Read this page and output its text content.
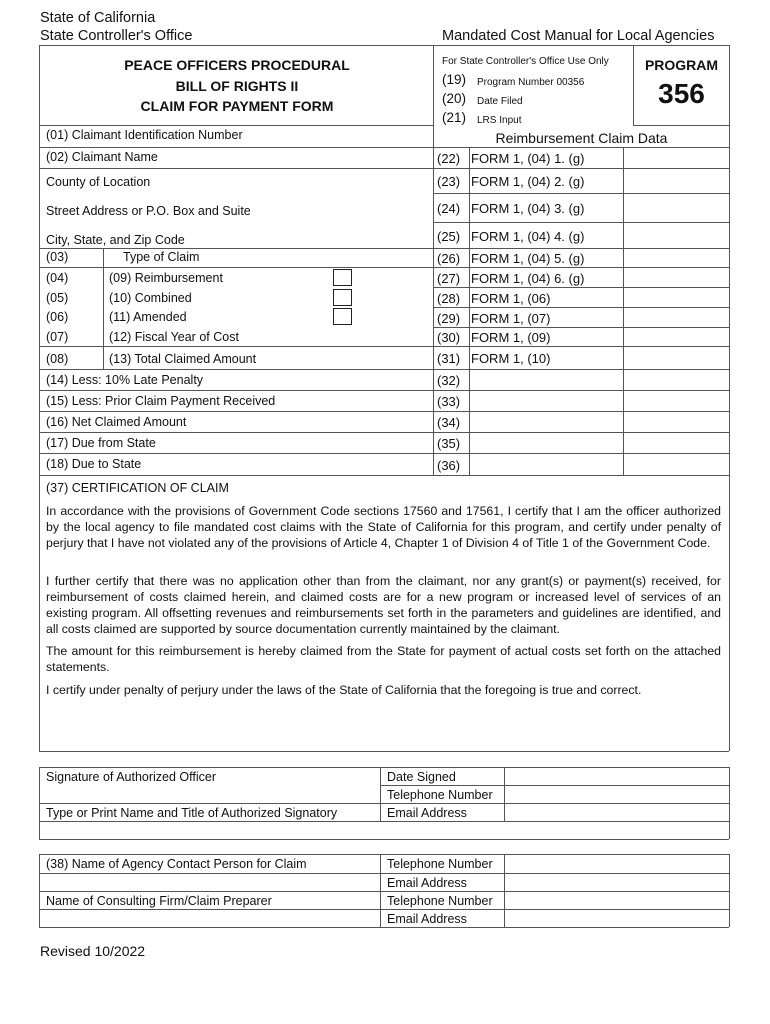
State of California
State Controller's Office	Mandated Cost Manual for Local Agencies
PEACE OFFICERS PROCEDURAL
BILL OF RIGHTS II
CLAIM FOR PAYMENT FORM
For State Controller's Office Use Only
(19) Program Number 00356
(20) Date Filed
(21) LRS Input
PROGRAM
356
Reimbursement Claim Data
(01) Claimant Identification Number
(02) Claimant Name
County of Location
Street Address or P.O. Box and Suite
City, State, and Zip Code
(03)	Type of Claim
(04)	(09) Reimbursement
(05)	(10) Combined
(06)	(11) Amended
(07)	(12) Fiscal Year of Cost
(08)	(13) Total Claimed Amount
(14) Less: 10% Late Penalty
(15) Less: Prior Claim Payment Received
(16) Net Claimed Amount
(17) Due from State
(18) Due to State
(22) FORM 1, (04) 1. (g)
(23) FORM 1, (04) 2. (g)
(24) FORM 1, (04) 3. (g)
(25) FORM 1, (04) 4. (g)
(26) FORM 1, (04) 5. (g)
(27) FORM 1, (04) 6. (g)
(28) FORM 1, (06)
(29) FORM 1, (07)
(30) FORM 1, (09)
(31) FORM 1, (10)
(32)
(33)
(34)
(35)
(36)
(37) CERTIFICATION OF CLAIM
In accordance with the provisions of Government Code sections 17560 and 17561, I certify that I am the officer authorized by the local agency to file mandated cost claims with the State of California for this program, and certify under penalty of perjury that I have not violated any of the provisions of Article 4, Chapter 1 of Division 4 of Title 1 of the Government Code.
I further certify that there was no application other than from the claimant, nor any grant(s) or payment(s) received, for reimbursement of costs claimed herein, and claimed costs are for a new program or increased level of services of an existing program. All offsetting revenues and reimbursements set forth in the parameters and guidelines are identified, and all costs claimed are supported by source documentation currently maintained by the claimant.
The amount for this reimbursement is hereby claimed from the State for payment of actual costs set forth on the attached statements.
I certify under penalty of perjury under the laws of the State of California that the foregoing is true and correct.
Signature of Authorized Officer	Date Signed
Telephone Number
Type or Print Name and Title of Authorized Signatory	Email Address
(38) Name of Agency Contact Person for Claim	Telephone Number
Email Address
Name of Consulting Firm/Claim Preparer	Telephone Number
Email Address
Revised 10/2022
